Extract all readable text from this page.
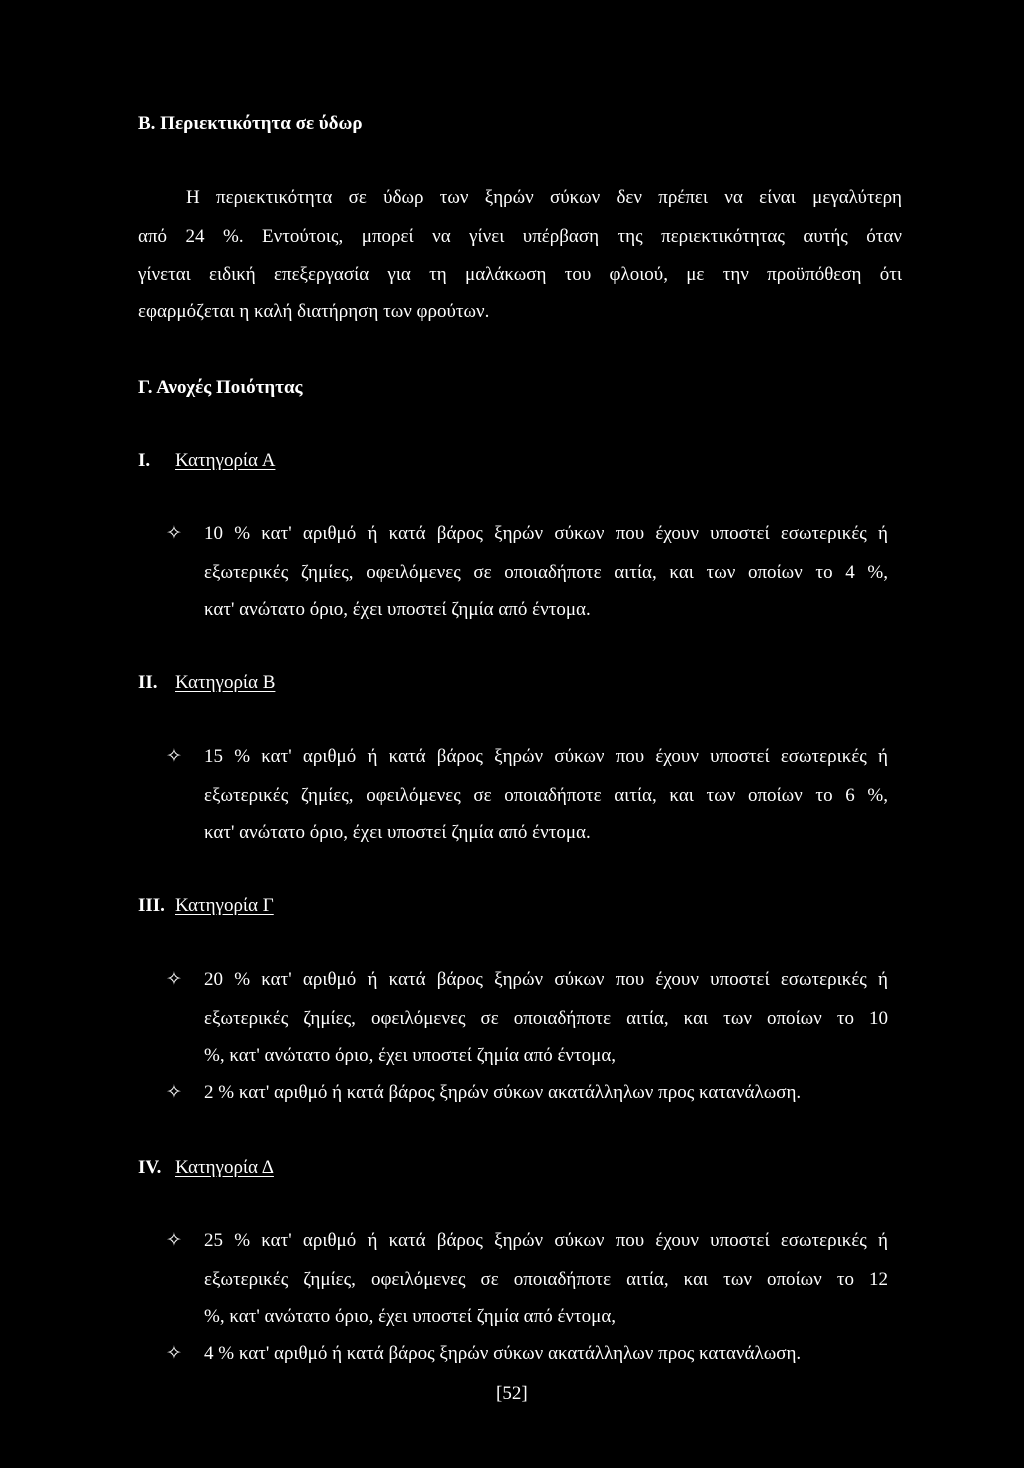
B. Περιεκτικότητα σε ύδωρ
Η περιεκτικότητα σε ύδωρ των ξηρών σύκων δεν πρέπει να είναι μεγαλύτερη
από 24 %. Εντούτοις, μπορεί να γίνει υπέρβαση της περιεκτικότητας αυτής όταν
γίνεται ειδική επεξεργασία για τη μαλάκωση του φλοιού, με την προϋπόθεση ότι
εφαρμόζεται η καλή διατήρηση των φρούτων.
Γ. Ανοχές Ποιότητας
I. Κατηγορία Α
✧ 10 % κατ' αριθμό ή κατά βάρος ξηρών σύκων που έχουν υποστεί εσωτερικές ή
εξωτερικές ζημίες, οφειλόμενες σε οποιαδήποτε αιτία, και των οποίων το 4 %,
κατ' ανώτατο όριο, έχει υποστεί ζημία από έντομα.
II. Κατηγορία Β
✧ 15 % κατ' αριθμό ή κατά βάρος ξηρών σύκων που έχουν υποστεί εσωτερικές ή
εξωτερικές ζημίες, οφειλόμενες σε οποιαδήποτε αιτία, και των οποίων το 6 %,
κατ' ανώτατο όριο, έχει υποστεί ζημία από έντομα.
III. Κατηγορία Γ
✧ 20 % κατ' αριθμό ή κατά βάρος ξηρών σύκων που έχουν υποστεί εσωτερικές ή
εξωτερικές ζημίες, οφειλόμενες σε οποιαδήποτε αιτία, και των οποίων το 10
%, κατ' ανώτατο όριο, έχει υποστεί ζημία από έντομα,
✧ 2 % κατ' αριθμό ή κατά βάρος ξηρών σύκων ακατάλληλων προς κατανάλωση.
IV. Κατηγορία Δ
✧ 25 % κατ' αριθμό ή κατά βάρος ξηρών σύκων που έχουν υποστεί εσωτερικές ή
εξωτερικές ζημίες, οφειλόμενες σε οποιαδήποτε αιτία, και των οποίων το 12
%, κατ' ανώτατο όριο, έχει υποστεί ζημία από έντομα,
✧ 4 % κατ' αριθμό ή κατά βάρος ξηρών σύκων ακατάλληλων προς κατανάλωση.
[52]
